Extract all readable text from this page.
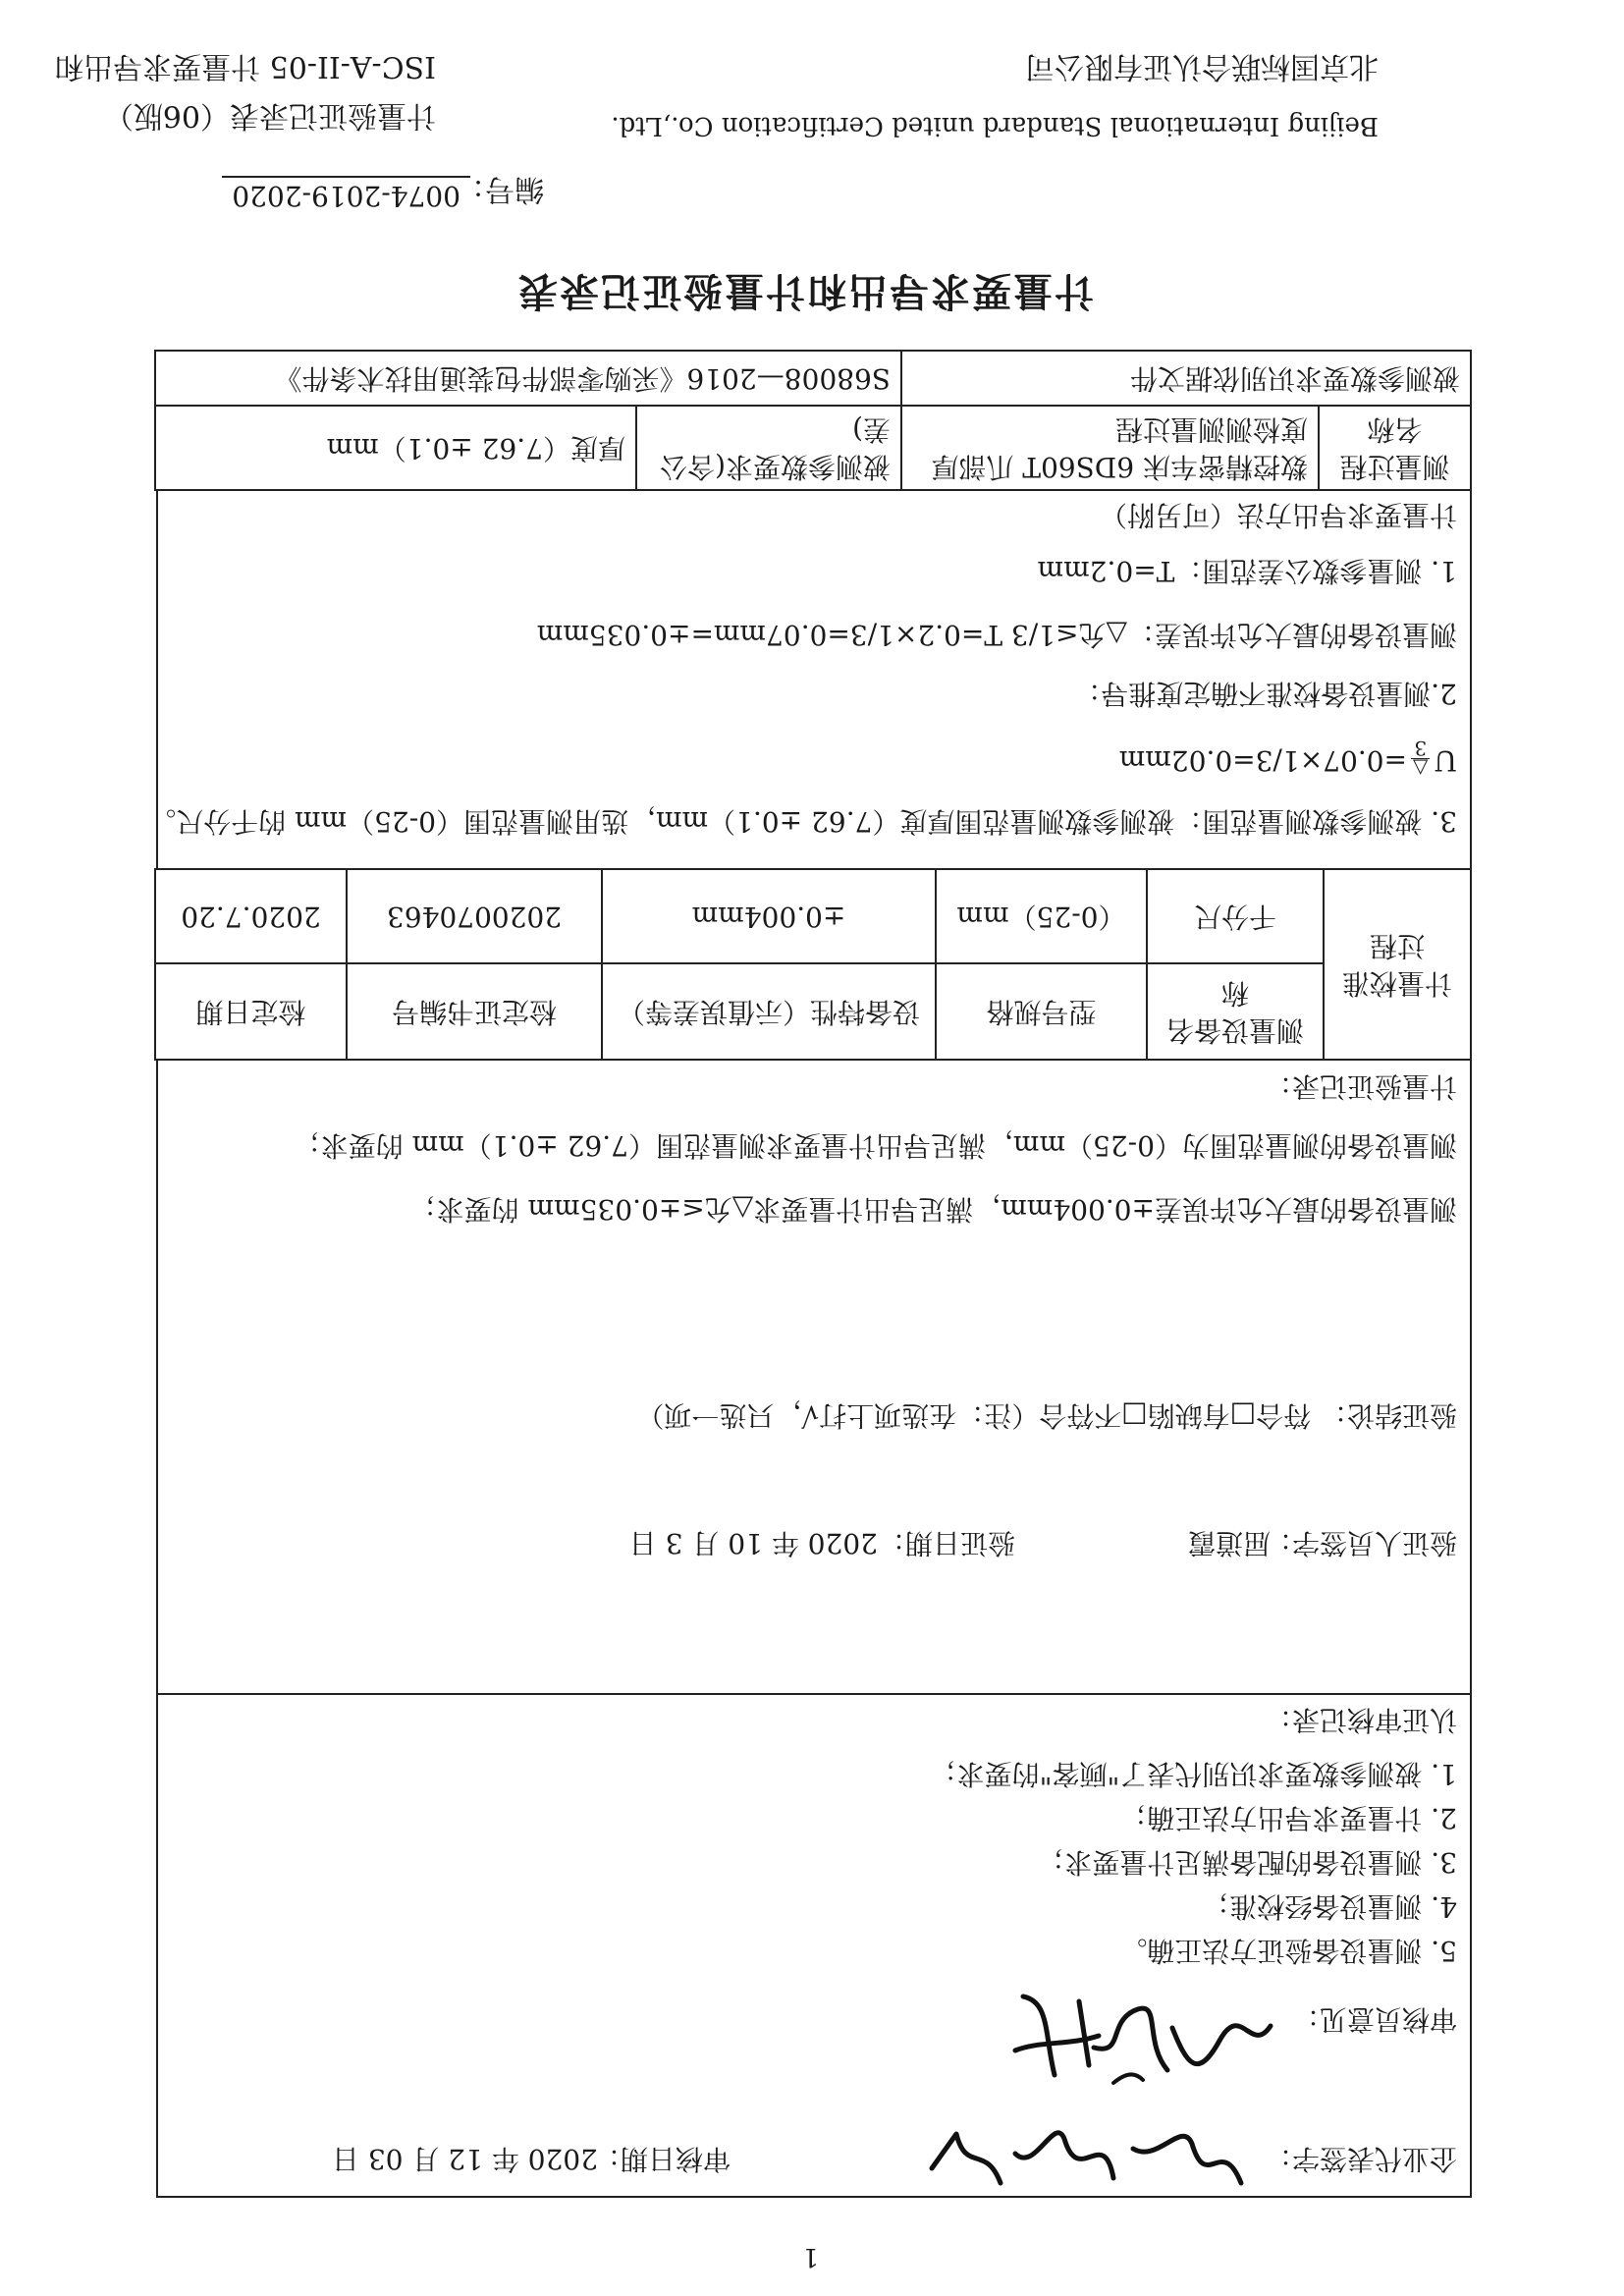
北京国标联合认证有限公司
Beijing International Standard united Certification Co.,Ltd.
ISC-A-II-05 计量要求导出和
计量验证记录表（06版）
编号：
0074-2019-2020
计量要求导出和计量验证记录表
测量过程名称	数控精密车床 6DS60T 爪部厚度检测测量过程	被测参数要求(含公差)	厚度（7.62 ±0.1）mm
被测参数要求识别依据文件		S68008—2016《采购零部件包装通用技术条件》	
计量要求导出方法（可另附）
1. 测量参数公差范围：T=0.2mm
测量设备的最大允许误差：△允≤1/3 T=0.2×1/3=0.07mm=±0.035mm
2.测量设备校准不确定度推导：
U
△
3
=0.07×1/3=0.02mm
3. 被测参数测量范围：被测参数测量范围厚度（7.62 ±0.1）mm，选用测量范围（0-25）mm 的千分尺。
计量校准过程	测量设备名称	型号规格	设备特性（示值误差等）	检定证书编号	检定日期
	千分尺	（0-25）mm	±0.004mm	2020070463	2020.7.20
计量验证记录：
测量设备的测量范围为（0-25）mm，满足导出计量要求测量范围（7.62 ±0.1）mm 的要求；
测量设备的最大允许误差±0.004mm，满足导出计量要求△允≤±0.035mm 的要求；
验证结论： 符合□有缺陷□不符合（注：在选项上打√，只选一项）
验证人员签字：
屈道霞
验证日期：
2020 年 10 月 3 日
认证审核记录：
1. 被测参数要求识别代表了"顾客"的要求；
2. 计量要求导出方法正确；
3. 测量设备的配备满足计量要求；
4. 测量设备经校准；
5. 测量设备验证方法正确。
审核员意见：
企业代表签字：
审核日期：
2020 年 12 月 03 日
1
